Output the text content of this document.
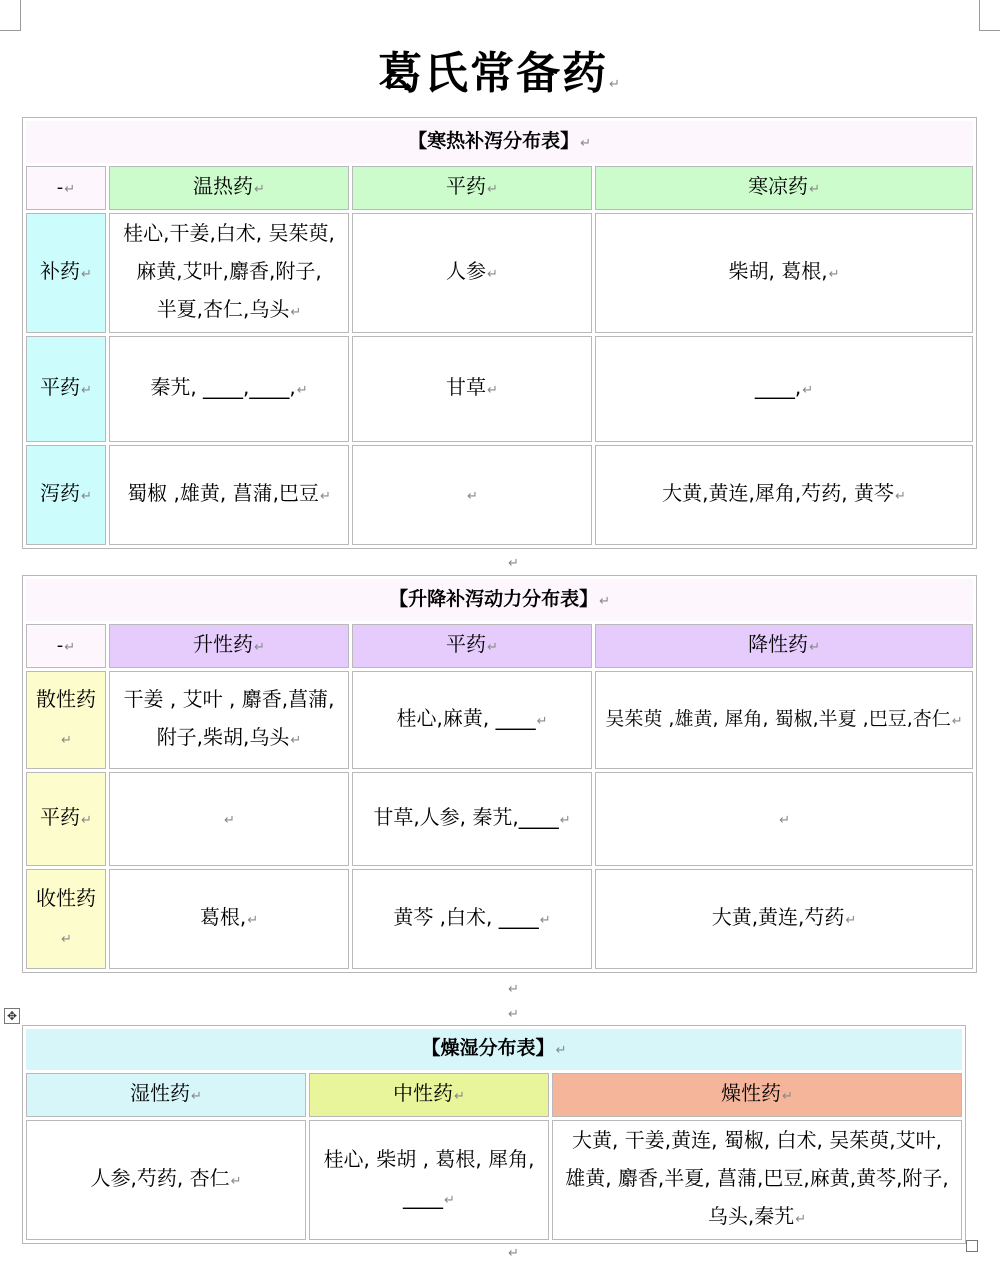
葛氏常备药↵
【寒热补泻分布表】↵			
-↵	温热药↵	平药↵	寒凉药↵
补药↵	桂心,干姜,白术, 吴茱萸,
麻黄,艾叶,麝香,附子,
半夏,杏仁,乌头↵	人参↵	柴胡, 葛根,↵
平药↵	秦艽, ____,____,↵	甘草↵	____,↵
泻药↵	蜀椒 ,雄黄, 菖蒲,巴豆↵	↵	大黄,黄连,犀角,芍药, 黄芩↵
↵
【升降补泻动力分布表】↵			
-↵	升性药↵	平药↵	降性药↵
散性药↵	干姜 , 艾叶 , 麝香,菖蒲,
附子,柴胡,乌头↵	桂心,麻黄, ____↵	吴茱萸 ,雄黄, 犀角, 蜀椒,半夏 ,巴豆,杏仁↵
平药↵	↵	甘草,人参, 秦艽,____↵	↵
收性药↵	葛根,↵	黄芩 ,白术, ____↵	大黄,黄连,芍药↵
↵
↵
✥
【燥湿分布表】↵		
湿性药↵	中性药↵	燥性药↵
人参,芍药, 杏仁↵	桂心, 柴胡 , 葛根, 犀角,
____↵	大黄, 干姜,黄连, 蜀椒, 白术, 吴茱萸,艾叶,
雄黄, 麝香,半夏, 菖蒲,巴豆,麻黄,黄芩,附子,
乌头,秦艽↵
↵
